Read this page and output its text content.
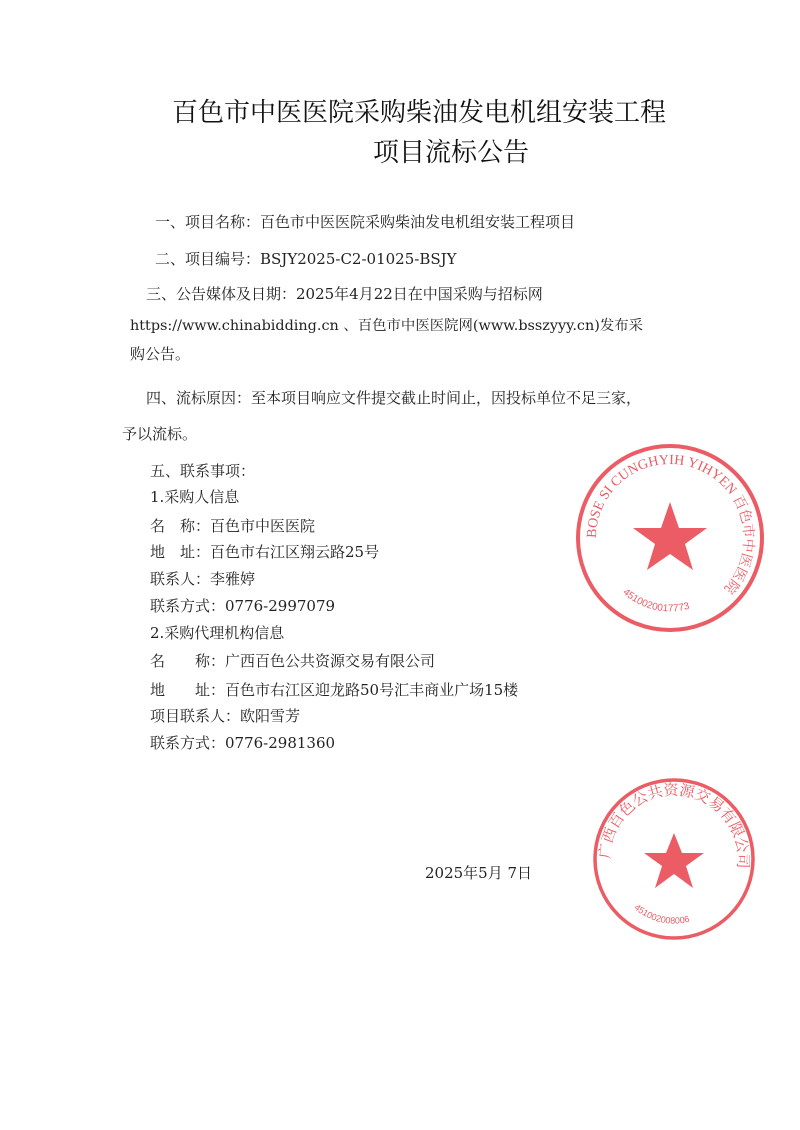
百色市中医医院采购柴油发电机组安装工程
项目流标公告
一、项目名称：百色市中医医院采购柴油发电机组安装工程项目
二、项目编号：BSJY2025-C2-01025-BSJY
三、公告媒体及日期：2025年4月22日在中国采购与招标网
https://www.chinabidding.cn 、百色市中医医院网(www.bsszyyy.cn)发布采
购公告。
四、流标原因：至本项目响应文件提交截止时间止，因投标单位不足三家，
予以流标。
五、联系事项：
1.采购人信息
名　称：百色市中医医院
地　址：百色市右江区翔云路25号
联系人：李雅婷
联系方式：0776-2997079
2.采购代理机构信息
名　　称：广西百色公共资源交易有限公司
地　　址：百色市右江区迎龙路50号汇丰商业广场15楼
项目联系人：欧阳雪芳
联系方式：0776-2981360
2025年5月 7日
BOSE SI CUNGHYIH YIHYEN 百色市中医医院
4510020017773
广西百色公共资源交易有限公司
451002008006
